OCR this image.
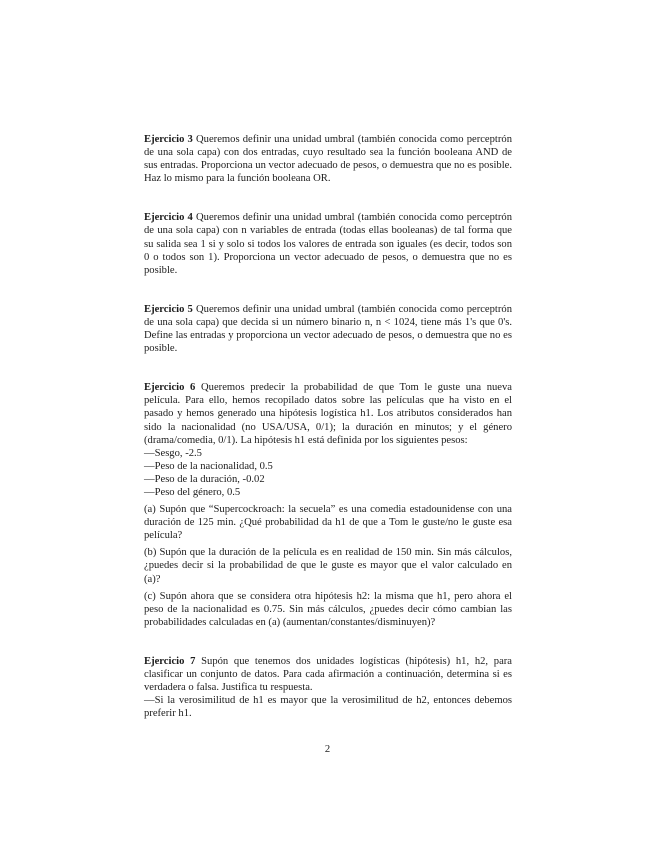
Ejercicio 3 Queremos definir una unidad umbral (también conocida como perceptrón de una sola capa) con dos entradas, cuyo resultado sea la función booleana AND de sus entradas. Proporciona un vector adecuado de pesos, o demuestra que no es posible. Haz lo mismo para la función booleana OR.

Ejercicio 4 Queremos definir una unidad umbral (también conocida como perceptrón de una sola capa) con n variables de entrada (todas ellas booleanas) de tal forma que su salida sea 1 si y solo si todos los valores de entrada son iguales (es decir, todos son 0 o todos son 1). Proporciona un vector adecuado de pesos, o demuestra que no es posible.

Ejercicio 5 Queremos definir una unidad umbral (también conocida como perceptrón de una sola capa) que decida si un número binario n, n < 1024, tiene más 1's que 0's. Define las entradas y proporciona un vector adecuado de pesos, o demuestra que no es posible.

Ejercicio 6 Queremos predecir la probabilidad de que Tom le guste una nueva película. Para ello, hemos recopilado datos sobre las películas que ha visto en el pasado y hemos generado una hipótesis logística h1. Los atributos considerados han sido la nacionalidad (no USA/USA, 0/1); la duración en minutos; y el género (drama/comedia, 0/1). La hipótesis h1 está definida por los siguientes pesos:

—Sesgo, -2.5
—Peso de la nacionalidad, 0.5
—Peso de la duración, -0.02
—Peso del género, 0.5

(a) Supón que “Supercockroach: la secuela” es una comedia estadounidense con una duración de 125 min. ¿Qué probabilidad da h1 de que a Tom le guste/no le guste esa película?

(b) Supón que la duración de la película es en realidad de 150 min. Sin más cálculos, ¿puedes decir si la probabilidad de que le guste es mayor que el valor calculado en (a)?

(c) Supón ahora que se considera otra hipótesis h2: la misma que h1, pero ahora el peso de la nacionalidad es 0.75. Sin más cálculos, ¿puedes decir cómo cambian las probabilidades calculadas en (a) (aumentan/constantes/disminuyen)?

Ejercicio 7 Supón que tenemos dos unidades logísticas (hipótesis) h1, h2, para clasificar un conjunto de datos. Para cada afirmación a continuación, determina si es verdadera o falsa. Justifica tu respuesta.

—Si la verosimilitud de h1 es mayor que la verosimilitud de h2, entonces debemos preferir h1.

2
